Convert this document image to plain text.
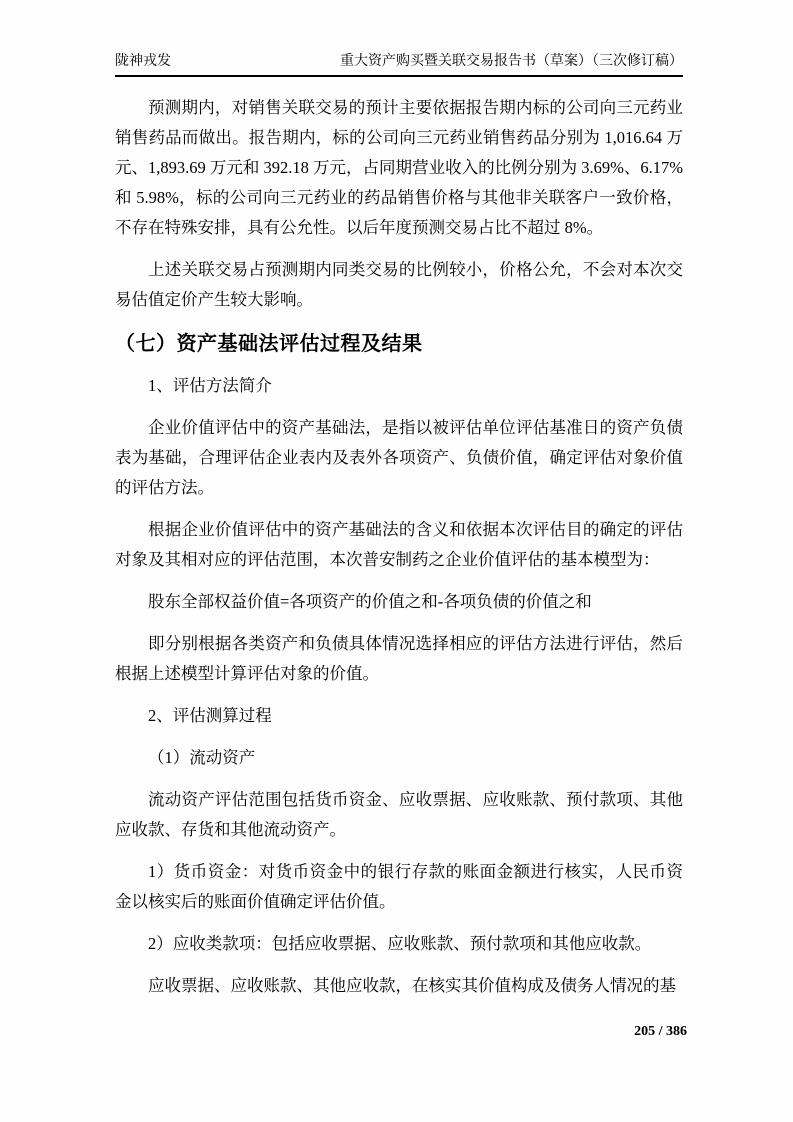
陇神戎发	重大资产购买暨关联交易报告书（草案）（三次修订稿）

预测期内，对销售关联交易的预计主要依据报告期内标的公司向三元药业销售药品而做出。报告期内，标的公司向三元药业销售药品分别为 1,016.64 万元、1,893.69 万元和 392.18 万元，占同期营业收入的比例分别为 3.69%、6.17%和 5.98%，标的公司向三元药业的药品销售价格与其他非关联客户一致价格，不存在特殊安排，具有公允性。以后年度预测交易占比不超过 8%。

上述关联交易占预测期内同类交易的比例较小，价格公允，不会对本次交易估值定价产生较大影响。

（七）资产基础法评估过程及结果

1、评估方法简介

企业价值评估中的资产基础法，是指以被评估单位评估基准日的资产负债表为基础，合理评估企业表内及表外各项资产、负债价值，确定评估对象价值的评估方法。

根据企业价值评估中的资产基础法的含义和依据本次评估目的确定的评估对象及其相对应的评估范围，本次普安制药之企业价值评估的基本模型为：

股东全部权益价值=各项资产的价值之和-各项负债的价值之和

即分别根据各类资产和负债具体情况选择相应的评估方法进行评估，然后根据上述模型计算评估对象的价值。

2、评估测算过程

（1）流动资产

流动资产评估范围包括货币资金、应收票据、应收账款、预付款项、其他应收款、存货和其他流动资产。

1）货币资金：对货币资金中的银行存款的账面金额进行核实，人民币资金以核实后的账面价值确定评估价值。

2）应收类款项：包括应收票据、应收账款、预付款项和其他应收款。

应收票据、应收账款、其他应收款，在核实其价值构成及债务人情况的基

205 / 386
